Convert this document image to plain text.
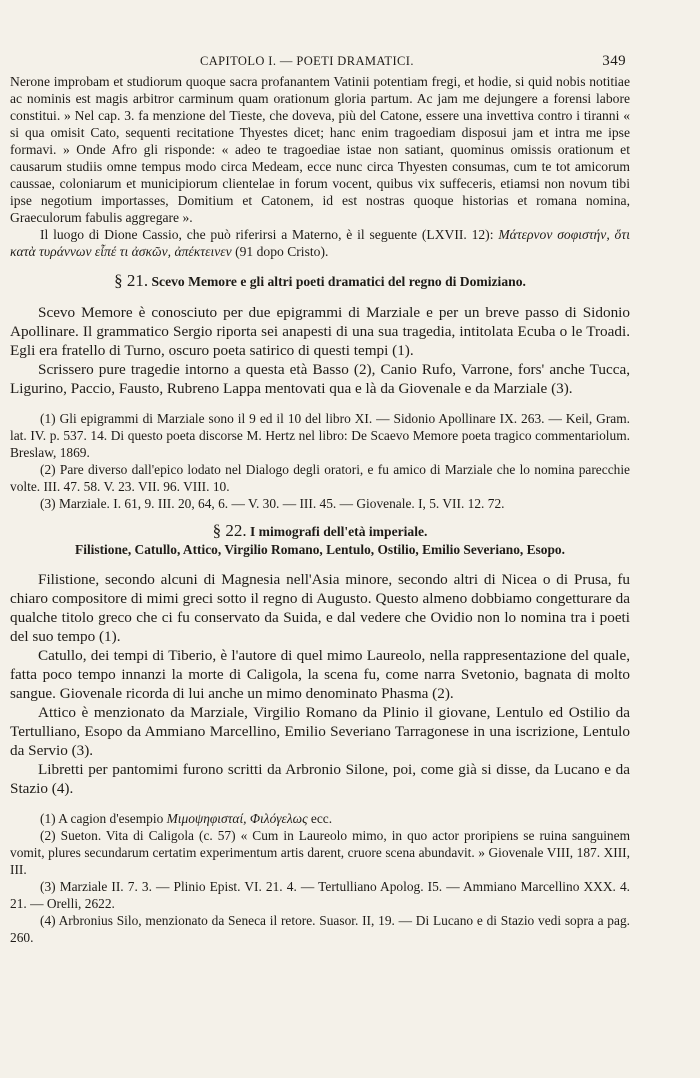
CAPITOLO I. — POETI DRAMATICI.	349

Nerone improbam et studiorum quoque sacra profanantem Vatinii potentiam fregi, et hodie, si quid nobis notitiae ac nominis est magis arbitror carminum quam orationum gloria partum. Ac jam me dejungere a forensi labore constitui. » Nel cap. 3. fa menzione del Tieste, che doveva, più del Catone, essere una invettiva contro i tiranni « si qua omisit Cato, sequenti recitatione Thyestes dicet; hanc enim tragoediam disposui jam et intra me ipse formavi. » Onde Afro gli risponde: « adeo te tragoediae istae non satiant, quominus omissis orationum et causarum studiis omne tempus modo circa Medeam, ecce nunc circa Thyesten consumas, cum te tot amicorum caussae, coloniarum et municipiorum clientelae in forum vocent, quibus vix suffeceris, etiamsi non novum tibi ipse negotium importasses, Domitium et Catonem, id est nostras quoque historias et romana nomina, Graeculorum fabulis aggregare ».

Il luogo di Dione Cassio, che può riferirsi a Materno, è il seguente (LXVII. 12): Μάτερνον σοφιστήν, ὅτι κατὰ τυράννων εἶπέ τι ἀσκῶν, ἀπέκτεινεν (91 dopo Cristo).

§ 21. Scevo Memore e gli altri poeti dramatici del regno di Domiziano.

Scevo Memore è conosciuto per due epigrammi di Marziale e per un breve passo di Sidonio Apollinare. Il grammatico Sergio riporta sei anapesti di una sua tragedia, intitolata Ecuba o le Troadi. Egli era fratello di Turno, oscuro poeta satirico di questi tempi (1).

Scrissero pure tragedie intorno a questa età Basso (2), Canio Rufo, Varrone, fors' anche Tucca, Ligurino, Paccio, Fausto, Rubreno Lappa mentovati qua e là da Giovenale e da Marziale (3).

(1) Gli epigrammi di Marziale sono il 9 ed il 10 del libro XI. — Sidonio Apollinare IX. 263. — Keil, Gram. lat. IV. p. 537. 14. Di questo poeta discorse M. Hertz nel libro: De Scaevo Memore poeta tragico commentariolum. Breslaw, 1869.

(2) Pare diverso dall'epico lodato nel Dialogo degli oratori, e fu amico di Marziale che lo nomina parecchie volte. III. 47. 58. V. 23. VII. 96. VIII. 10.

(3) Marziale. I. 61, 9. III. 20, 64, 6. — V. 30. — III. 45. — Giovenale. I, 5. VII. 12. 72.

§ 22. I mimografi dell'età imperiale.

Filistione, Catullo, Attico, Virgilio Romano, Lentulo, Ostilio, Emilio Severiano, Esopo.

Filistione, secondo alcuni di Magnesia nell'Asia minore, secondo altri di Nicea o di Prusa, fu chiaro compositore di mimi greci sotto il regno di Augusto. Questo almeno dobbiamo congetturare da qualche titolo greco che ci fu conservato da Suida, e dal vedere che Ovidio non lo nomina tra i poeti del suo tempo (1).

Catullo, dei tempi di Tiberio, è l'autore di quel mimo Laureolo, nella rappresentazione del quale, fatta poco tempo innanzi la morte di Caligola, la scena fu, come narra Svetonio, bagnata di molto sangue. Giovenale ricorda di lui anche un mimo denominato Phasma (2).

Attico è menzionato da Marziale, Virgilio Romano da Plinio il giovane, Lentulo ed Ostilio da Tertulliano, Esopo da Ammiano Marcellino, Emilio Severiano Tarragonese in una iscrizione, Lentulo da Servio (3).

Libretti per pantomimi furono scritti da Arbronio Silone, poi, come già si disse, da Lucano e da Stazio (4).

(1) A cagion d'esempio Μιμοψηφισταί, Φιλόγελως ecc.

(2) Sueton. Vita di Caligola (c. 57) « Cum in Laureolo mimo, in quo actor proripiens se ruina sanguinem vomit, plures secundarum certatim experimentum artis darent, cruore scena abundavit. » Giovenale VIII, 187. XIII, III.

(3) Marziale II. 7. 3. — Plinio Epist. VI. 21. 4. — Tertulliano Apolog. I5. — Ammiano Marcellino XXX. 4. 21. — Orelli, 2622.

(4) Arbronius Silo, menzionato da Seneca il retore. Suasor. II, 19. — Di Lucano e di Stazio vedi sopra a pag. 260.
